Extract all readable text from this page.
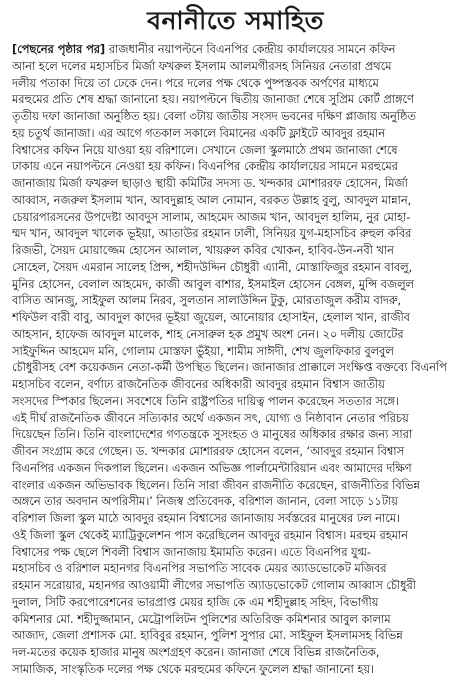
বনানীতে সমাহিত
[পেছনের পৃষ্ঠার পর] রাজধানীর নয়াপল্টনে বিএনপির কেন্দ্রীয় কার্যালয়ের সামনে কফিন
আনা হলে দলের মহাসচিব মির্জা ফখরুল ইসলাম আলমগীরসহ সিনিয়র নেতারা প্রথমে
দলীয় পতাকা দিয়ে তা ঢেকে দেন। পরে দলের পক্ষ থেকে পুষ্পস্তবক অর্পণের মাধ্যমে
মরহুমের প্রতি শেষ শ্রদ্ধা জানানো হয়। নয়াপল্টনে দ্বিতীয় জানাজা শেষে সুপ্রিম কোর্ট প্রাঙ্গণে
তৃতীয় দফা জানাজা অনুষ্ঠিত হয়। বেলা ৩টায় জাতীয় সংসদ ভবনের দক্ষিণ প্লাজায় অনুষ্ঠিত
হয় চতুর্থ জানাজা। এর আগে গতকাল সকালে বিমানের একটি ফ্লাইটে আবদুর রহমান
বিশ্বাসের কফিন নিয়ে যাওয়া হয় বরিশালে। সেখানে জেলা স্কুলমাঠে প্রথম জানাজা শেষে
ঢাকায় এনে নয়াপল্টনে নেওয়া হয় কফিন। বিএনপির কেন্দ্রীয় কার্যালয়ের সামনে মরহুমের
জানাজায় মির্জা ফখরুল ছাড়াও স্থায়ী কমিটির সদস্য ড. খন্দকার মোশাররফ হোসেন, মির্জা
আব্বাস, নজরুল ইসলাম খান, আবদুল্লাহ আল নোমান, বরকত উল্লাহ বুলু, আবদুল মান্নান,
চেয়ারপারসনের উপদেষ্টা আবদুস সালাম, আহমেদ আজম খান, আবদুল হালিম, নুর মোহা-
ম্মদ খান, আবদুল খালেক ভূইয়া, আতাউর রহমান ঢালী, সিনিয়র যুগ-মহাসচিব রুহুল কবির
রিজভী, সৈয়দ মোয়াজ্জেম হোসেন আলাল, খায়রুল কবির খোকন, হাবিব-উন-নবী খান
সোহেল, সৈয়দ এমরান সালেহ প্রিন্স, শহীদউদ্দিন চৌধুরী এ্যানী, মোস্তাফিজুর রহমান বাবলু,
মুনির হোসেন, বেলাল আহমেদ, কাজী আবুল বাশার, ইসমাইল হোসেন বেঙ্গল, মুন্সি বজলুল
বাসিত আনজু, সাইফুল আলম নিরব, সুলতান সালাউদ্দিন টুকু, মোরতাজুল করীম বাদরু,
শফিউল বারী বাবু, আবদুল কাদের ভূইয়া জুয়েল, আনোয়ার হোসাইন, হেলাল খান, রাজীব
আহসান, হাফেজ আবদুল মালেক, শাহ নেসারুল হক প্রমুখ অংশ নেন। ২০ দলীয় জোটের
সাইফুদ্দিন আহমেদ মনি, গোলাম মোস্তফা ভুঁইয়া, শামীম সাঈদী, শেখ জুলফিকার বুলবুল
চৌধুরীসহ বেশ কয়েকজন নেতা-কর্মী উপস্থিত ছিলেন। জানাজার প্রাক্কালে সংক্ষিপ্ত বক্তব্যে বিএনপি
মহাসচিব বলেন, বর্ণাঢ্য রাজনৈতিক জীবনের অধিকারী আবদুর রহমান বিশ্বাস জাতীয়
সংসদের স্পিকার ছিলেন। সবশেষে তিনি রাষ্ট্রপতির দায়িত্ব পালন করেছেন সততার সঙ্গে।
এই দীর্ঘ রাজনৈতিক জীবনে সত্যিকার অর্থে একজন সৎ, যোগ্য ও নিষ্ঠাবান নেতার পরিচয়
দিয়েছেন তিনি। তিনি বাংলাদেশের গণতন্ত্রকে সুসংহত ও মানুষের অধিকার রক্ষার জন্য সারা
জীবন সংগ্রাম করে গেছেন। ড. খন্দকার মোশাররফ হোসেন বলেন, ‘আবদুর রহমান বিশ্বাস
বিএনপির একজন দিকপাল ছিলেন। একজন অভিজ্ঞ পার্লামেন্টারিয়ান এবং আমাদের দক্ষিণ
বাংলার একজন অভিভাবক ছিলেন। তিনি সারা জীবন রাজনীতি করেছেন, রাজনীতির বিভিন্ন
অঙ্গনে তার অবদান অপরিসীম।’ নিজস্ব প্রতিবেদক, বরিশাল জানান, বেলা সাড়ে ১১টায়
বরিশাল জিলা স্কুল মাঠে আবদুর রহমান বিশ্বাসের জানাজায় সর্বস্তরের মানুষের ঢল নামে।
ওই জিলা স্কুল থেকেই ম্যাট্রিকুলেশন পাস করেছিলেন আবদুর রহমান বিশ্বাস। মরহুম রহমান
বিশ্বাসের পক্ষ ছেলে শিবলী বিশ্বাস জানাজায় ইমামতি করেন। এতে বিএনপির যুগ্ম-
মহাসচিব ও বরিশাল মহানগর বিএনপির সভাপতি সাবেক মেয়র অ্যাডভোকেট মজিবর
রহমান সরোয়ার, মহানগর আওয়ামী লীগের সভাপতি অ্যাডভোকেট গোলাম আব্বাস চৌধুরী
দুলাল, সিটি করপোরেশনের ভারপ্রাপ্ত মেয়র হাজি কে এম শহীদুল্লাহ সহিদ, বিভাগীয়
কমিশনার মো. শহীদুজ্জামান, মেট্রোপলিটন পুলিশের অতিরিক্ত কমিশনার আবুল কালাম
আজাদ, জেলা প্রশাসক মো. হাবিবুর রহমান, পুলিশ সুপার মো. সাইফুল ইসলামসহ বিভিন্ন
দল-মতের কয়েক হাজার মানুষ অংশগ্রহণ করেন। জানাজা শেষে বিভিন্ন রাজনৈতিক,
সামাজিক, সাংস্কৃতিক দলের পক্ষ থেকে মরহুমের কফিনে ফুলেল শ্রদ্ধা জানানো হয়।
